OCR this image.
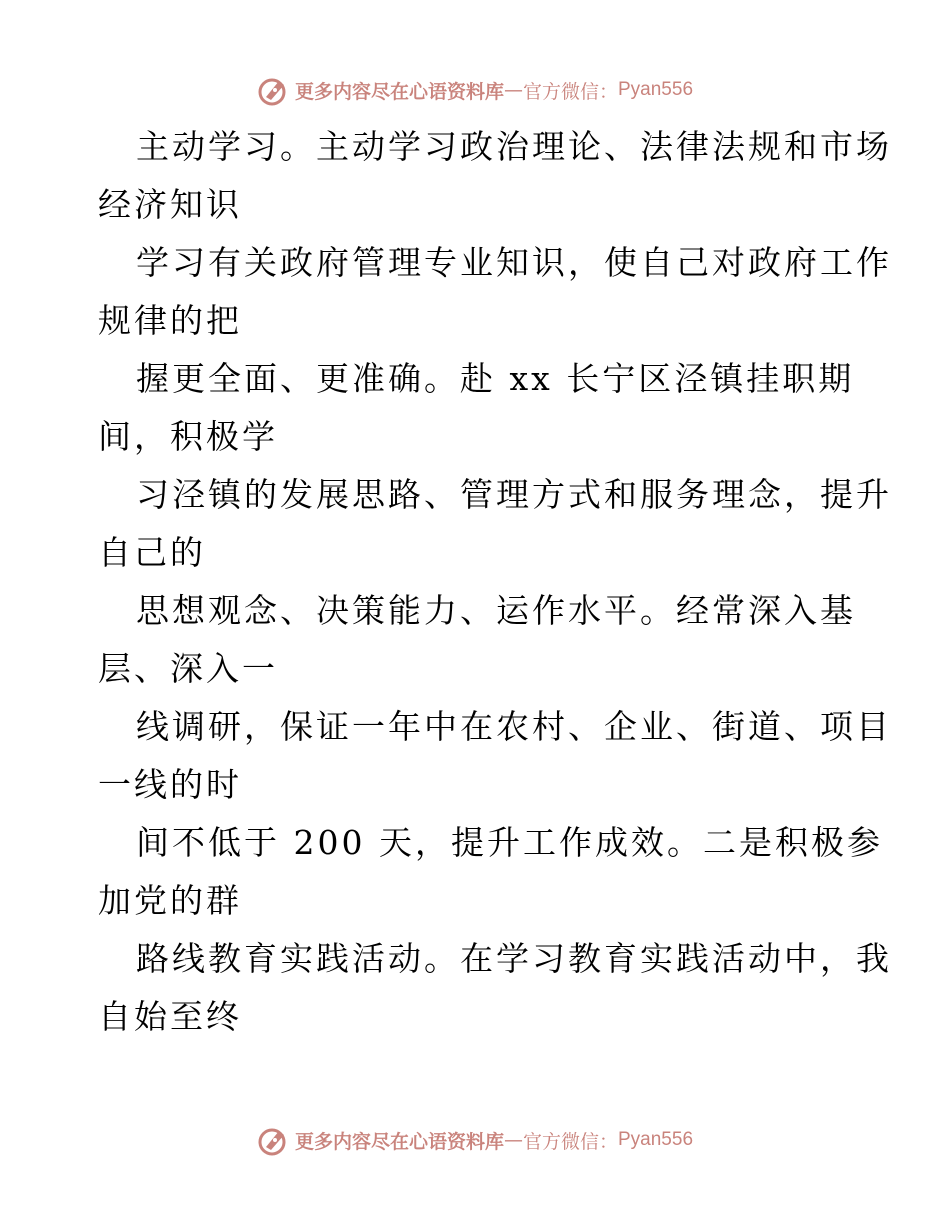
更多内容尽在心语资料库 — 官方微信： Pyan556
主动学习。主动学习政治理论、法律法规和市场
经济知识
学习有关政府管理专业知识，使自己对政府工作
规律的把
握更全面、更准确。赴 xx 长宁区泾镇挂职期
间，积极学
习泾镇的发展思路、管理方式和服务理念，提升
自己的
思想观念、决策能力、运作水平。经常深入基
层、深入一
线调研，保证一年中在农村、企业、街道、项目
一线的时
间不低于 200 天，提升工作成效。二是积极参
加党的群
路线教育实践活动。在学习教育实践活动中，我
自始至终
更多内容尽在心语资料库 — 官方微信： Pyan556
